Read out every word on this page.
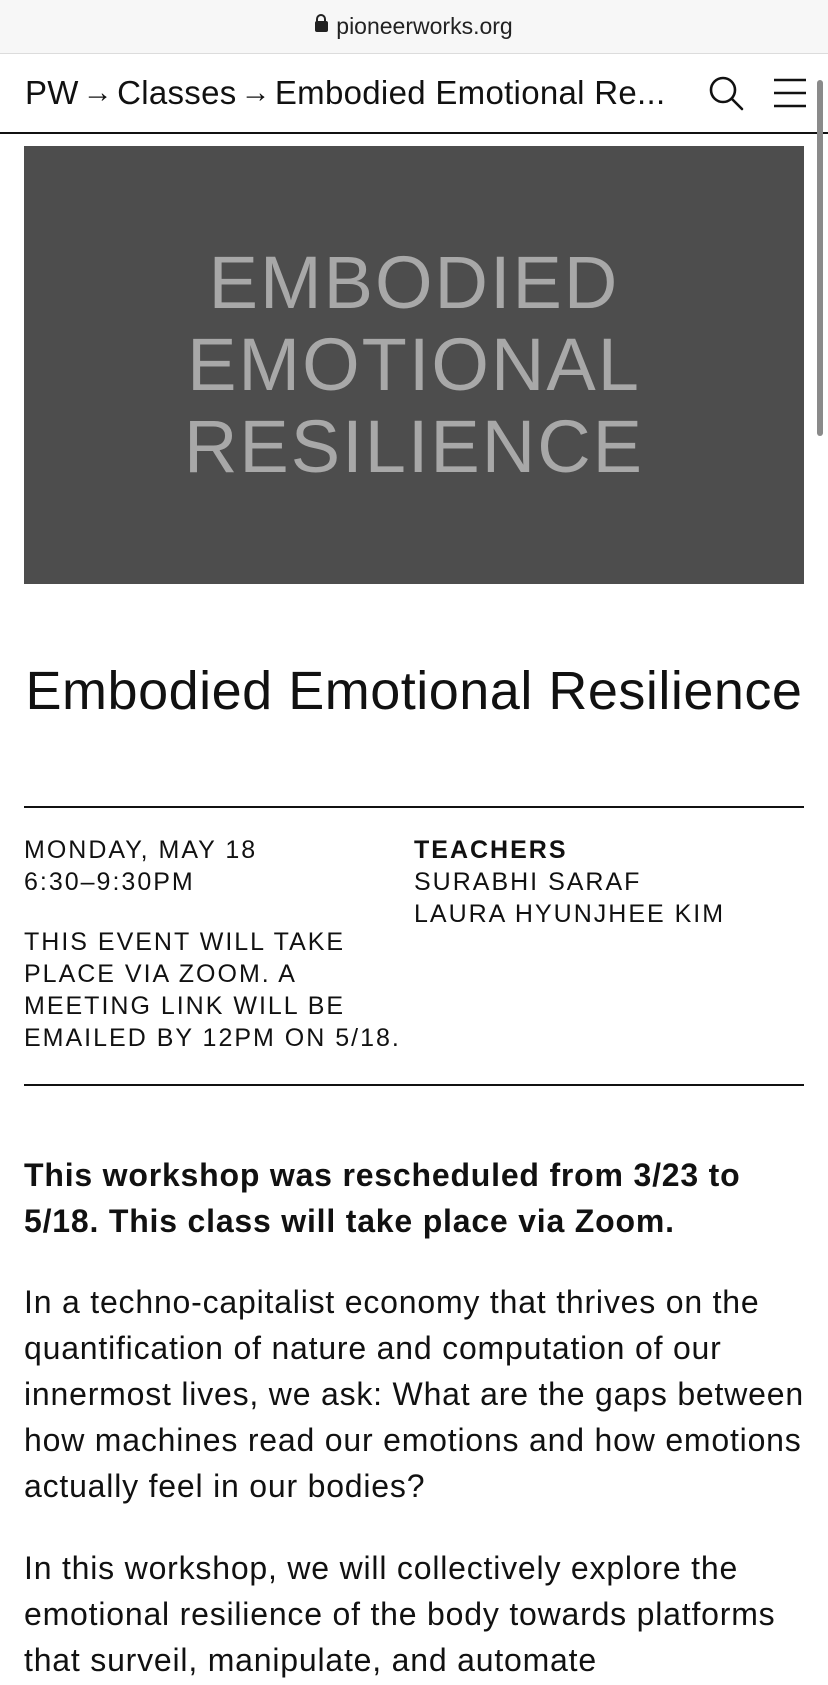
pioneerworks.org
PW → Classes → Embodied Emotional Re...
EMBODIED
EMOTIONAL
RESILIENCE
Embodied Emotional Resilience
MONDAY, MAY 18
6:30–9:30PM
THIS EVENT WILL TAKE
PLACE VIA ZOOM. A
MEETING LINK WILL BE
EMAILED BY 12PM ON 5/18.
TEACHERS
SURABHI SARAF
LAURA HYUNJHEE KIM

This workshop was rescheduled from 3/23 to 5/18. This class will take place via Zoom.

In a techno-capitalist economy that thrives on the quantification of nature and computation of our innermost lives, we ask: What are the gaps between how machines read our emotions and how emotions actually feel in our bodies?

In this workshop, we will collectively explore the emotional resilience of the body towards platforms that surveil, manipulate, and automate
